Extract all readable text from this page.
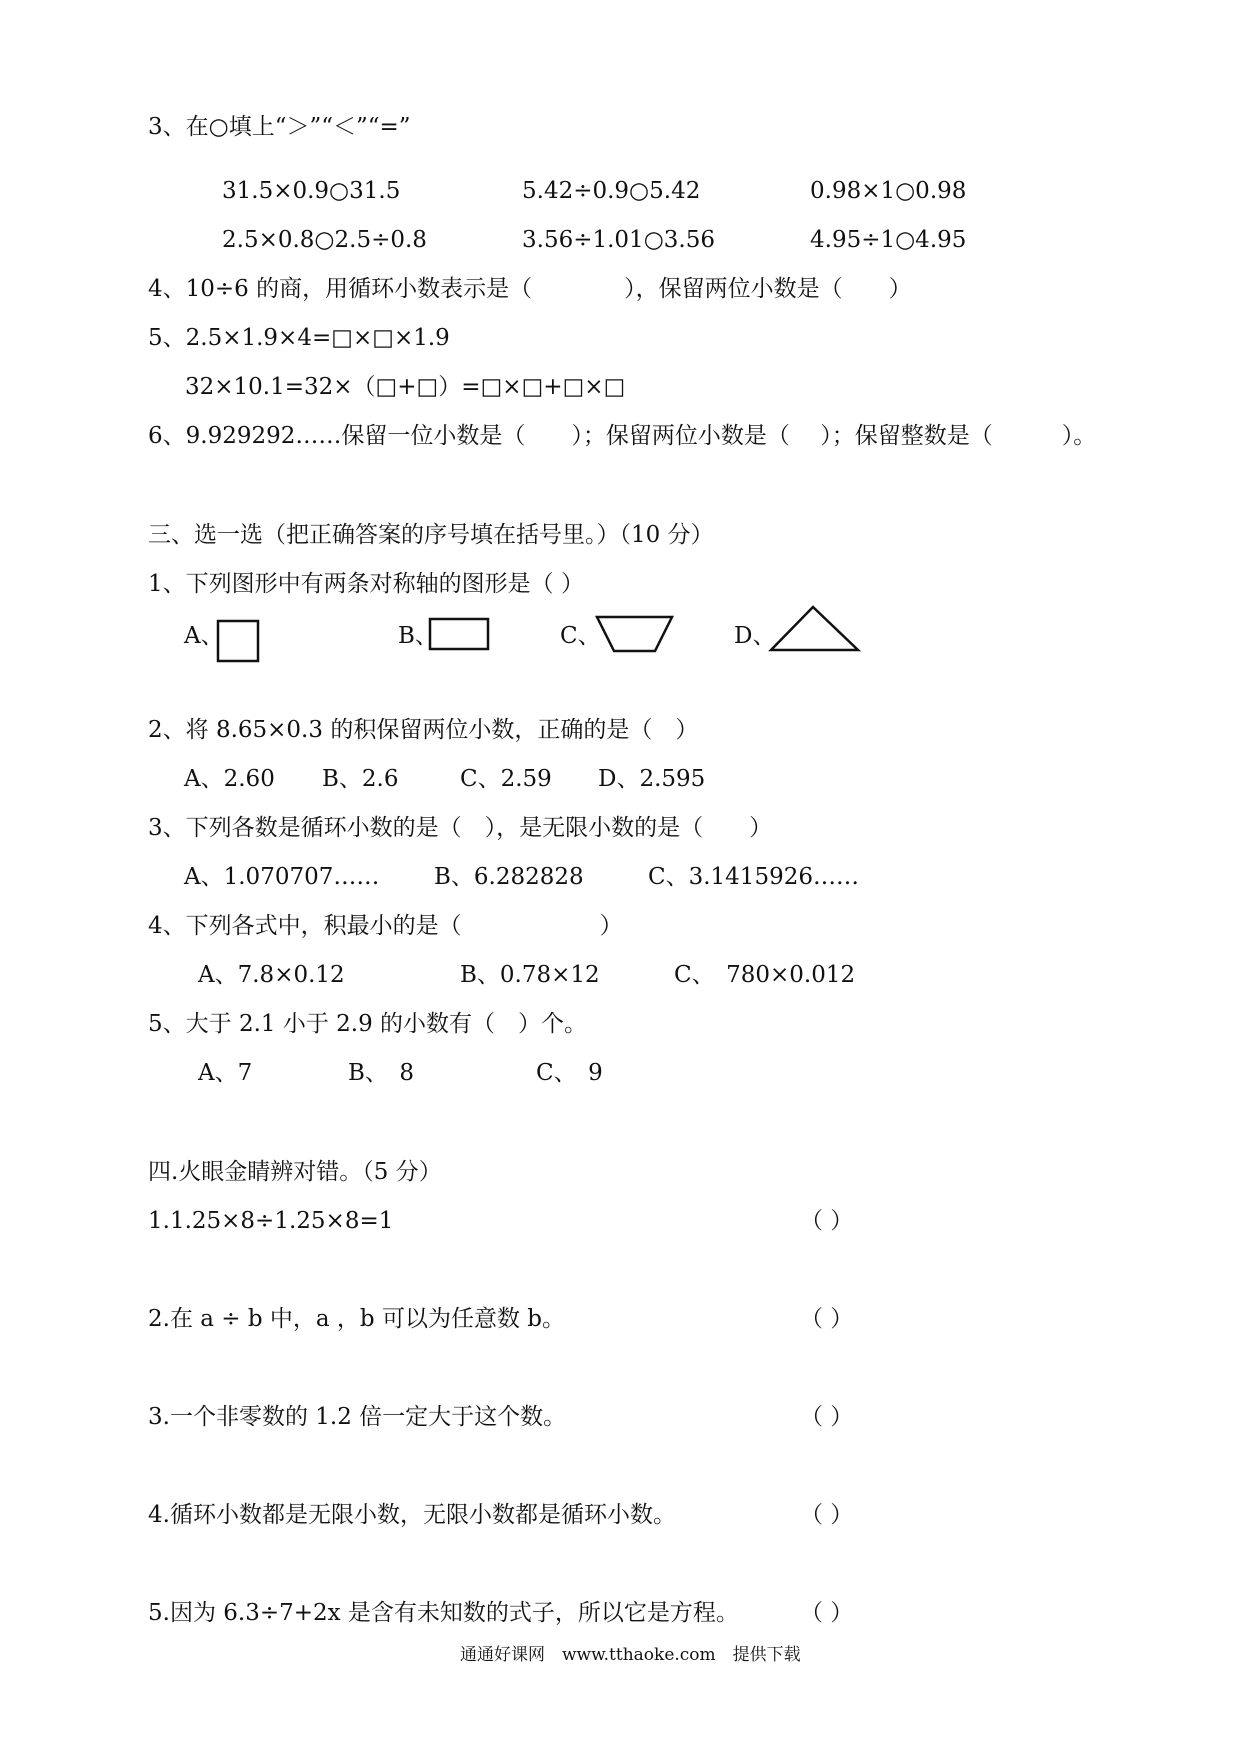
3、在○填上“＞”“＜”“=”
31.5×0.9○31.5	5.42÷0.9○5.42	0.98×1○0.98
2.5×0.8○2.5÷0.8	3.56÷1.01○3.56	4.95÷1○4.95
4、10÷6 的商，用循环小数表示是（　　　　），保留两位小数是（　　）
5、2.5×1.9×4=□×□×1.9
32×10.1=32×（□+□）=□×□+□×□
6、9.929292……保留一位小数是（　　）；保留两位小数是（　 ）；保留整数是（　　　）。
三、选一选（把正确答案的序号填在括号里。）（10 分）
1、下列图形中有两条对称轴的图形是（ ）
A、	B、	C、	D、
2、将 8.65×0.3 的积保留两位小数，正确的是（　）
A、2.60 B、2.6	C、2.59 D、2.595
3、下列各数是循环小数的是（　），是无限小数的是（　　）
A、1.070707…… B、6.282828	C、3.1415926……
4、下列各式中，积最小的是（　　　　　　）
A、7.8×0.12	B、0.78×12	C、　780×0.012
5、大于 2.1 小于 2.9 的小数有（　）个。
A、7	B、　8	C、　9
四.火眼金睛辨对错。（5 分）
1.1.25×8÷1.25×8=1	（ ）
2.在 a ÷ b 中，a ，b 可以为任意数 b。	（ ）
3.一个非零数的 1.2 倍一定大于这个数。	（ ）
4.循环小数都是无限小数，无限小数都是循环小数。	（ ）
5.因为 6.3÷7+2x 是含有未知数的式子，所以它是方程。	（ ）
通通好课网　www.tthaoke.com　提供下载
